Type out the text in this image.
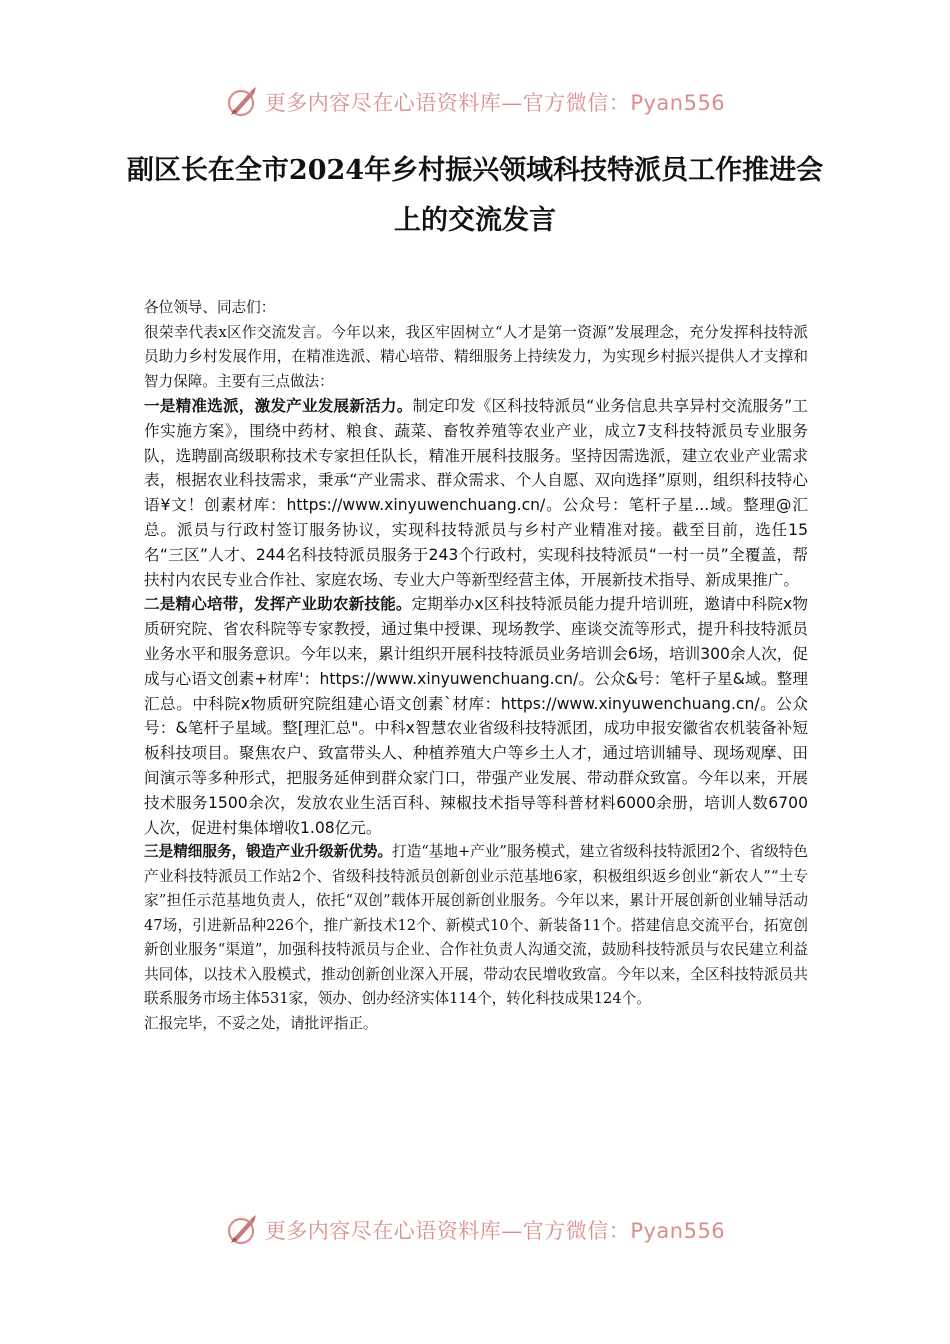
更多内容尽在心语资料库—官方微信：Pyan556
副区长在全市2024年乡村振兴领域科技特派员工作推进会上的交流发言

各位领导、同志们：

很荣幸代表x区作交流发言。今年以来，我区牢固树立“人才是第一资源”发展理念，充分发挥科技特派员助力乡村发展作用，在精准选派、精心培带、精细服务上持续发力，为实现乡村振兴提供人才支撑和智力保障。主要有三点做法：

一是精准选派，激发产业发展新活力。制定印发《区科技特派员“业务信息共享异村交流服务”工作实施方案》，围绕中药材、粮食、蔬菜、畜牧养殖等农业产业，成立7支科技特派员专业服务队，选聘副高级职称技术专家担任队长，精准开展科技服务。坚持因需选派，建立农业产业需求表，根据农业科技需求，秉承“产业需求、群众需求、个人自愿、双向选择”原则，组织科技特心语¥文！创素材库：https://www.xinyuwenchuang.cn/。公众号：笔杆子星...域。整理@汇总。派员与行政村签订服务协议，实现科技特派员与乡村产业精准对接。截至目前，选任15名“三区”人才、244名科技特派员服务于243个行政村，实现科技特派员“一村一员”全覆盖，帮扶村内农民专业合作社、家庭农场、专业大户等新型经营主体，开展新技术指导、新成果推广。

二是精心培带，发挥产业助农新技能。定期举办x区科技特派员能力提升培训班，邀请中科院x物质研究院、省农科院等专家教授，通过集中授课、现场教学、座谈交流等形式，提升科技特派员业务水平和服务意识。今年以来，累计组织开展科技特派员业务培训会6场，培训300余人次，促成与心语文创素+材库'：https://www.xinyuwenchuang.cn/。公众&号：笔杆子星&域。整理汇总。中科院x物质研究院组建心语文创素`材库：https://www.xinyuwenchuang.cn/。公众号：&笔杆子星域。整[理汇总"。中科x智慧农业省级科技特派团，成功申报安徽省农机装备补短板科技项目。聚焦农户、致富带头人、种植养殖大户等乡土人才，通过培训辅导、现场观摩、田间演示等多种形式，把服务延伸到群众家门口，带强产业发展、带动群众致富。今年以来，开展技术服务1500余次，发放农业生活百科、辣椒技术指导等科普材料6000余册，培训人数6700人次，促进村集体增收1.08亿元。

三是精细服务，锻造产业升级新优势。打造“基地+产业”服务模式，建立省级科技特派团2个、省级特色产业科技特派员工作站2个、省级科技特派员创新创业示范基地6家，积极组织返乡创业“新农人”“土专家”担任示范基地负责人，依托“双创”载体开展创新创业服务。今年以来，累计开展创新创业辅导活动47场，引进新品种226个，推广新技术12个、新模式10个、新装备11个。搭建信息交流平台，拓宽创新创业服务“渠道”，加强科技特派员与企业、合作社负责人沟通交流，鼓励科技特派员与农民建立利益共同体，以技术入股模式，推动创新创业深入开展，带动农民增收致富。今年以来，全区科技特派员共联系服务市场主体531家，领办、创办经济实体114个，转化科技成果124个。

汇报完毕，不妥之处，请批评指正。

更多内容尽在心语资料库—官方微信：Pyan556
